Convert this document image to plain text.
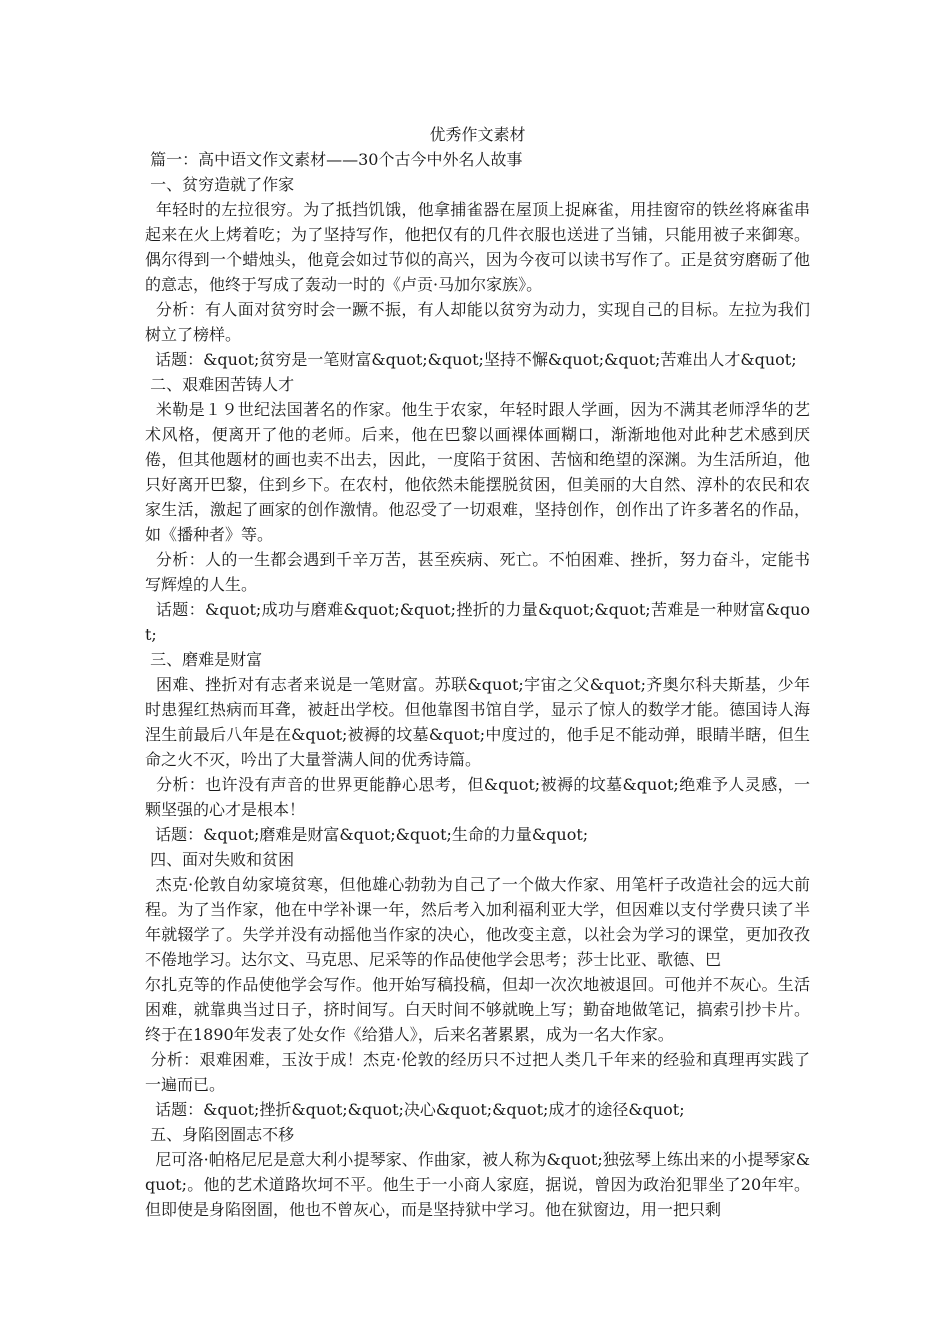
优秀作文素材

篇一：高中语文作文素材——30个古今中外名人故事

一、贫穷造就了作家

年轻时的左拉很穷。为了抵挡饥饿，他拿捕雀器在屋顶上捉麻雀，用挂窗帘的铁丝将麻雀串起来在火上烤着吃；为了坚持写作，他把仅有的几件衣服也送进了当铺，只能用被子来御寒。偶尔得到一个蜡烛头，他竟会如过节似的高兴，因为今夜可以读书写作了。正是贫穷磨砺了他的意志，他终于写成了轰动一时的《卢贡·马加尔家族》。

分析：有人面对贫穷时会一蹶不振，有人却能以贫穷为动力，实现自己的目标。左拉为我们树立了榜样。

话题：&quot;贫穷是一笔财富&quot;&quot;坚持不懈&quot;&quot;苦难出人才&quot;

二、艰难困苦铸人才

米勒是１９世纪法国著名的作家。他生于农家，年轻时跟人学画，因为不满其老师浮华的艺术风格，便离开了他的老师。后来，他在巴黎以画裸体画糊口，渐渐地他对此种艺术感到厌倦，但其他题材的画也卖不出去，因此，一度陷于贫困、苦恼和绝望的深渊。为生活所迫，他只好离开巴黎，住到乡下。在农村，他依然未能摆脱贫困，但美丽的大自然、淳朴的农民和农家生活，激起了画家的创作激情。他忍受了一切艰难，坚持创作，创作出了许多著名的作品，如《播种者》等。

分析：人的一生都会遇到千辛万苦，甚至疾病、死亡。不怕困难、挫折，努力奋斗，定能书写辉煌的人生。

话题：&quot;成功与磨难&quot;&quot;挫折的力量&quot;&quot;苦难是一种财富&quot;

三、磨难是财富

困难、挫折对有志者来说是一笔财富。苏联&quot;宇宙之父&quot;齐奥尔科夫斯基，少年时患猩红热病而耳聋，被赶出学校。但他靠图书馆自学，显示了惊人的数学才能。德国诗人海涅生前最后八年是在&quot;被褥的坟墓&quot;中度过的，他手足不能动弹，眼睛半瞎，但生命之火不灭，吟出了大量誉满人间的优秀诗篇。

分析：也许没有声音的世界更能静心思考，但&quot;被褥的坟墓&quot;绝难予人灵感，一颗坚强的心才是根本！

话题：&quot;磨难是财富&quot;&quot;生命的力量&quot;

四、面对失败和贫困

杰克·伦敦自幼家境贫寒，但他雄心勃勃为自己了一个做大作家、用笔杆子改造社会的远大前程。为了当作家，他在中学补课一年，然后考入加利福利亚大学，但因难以支付学费只读了半年就辍学了。失学并没有动摇他当作家的决心，他改变主意，以社会为学习的课堂，更加孜孜不倦地学习。达尔文、马克思、尼采等的作品使他学会思考；莎士比亚、歌德、巴

尔扎克等的作品使他学会写作。他开始写稿投稿，但却一次次地被退回。可他并不灰心。生活困难，就靠典当过日子，挤时间写。白天时间不够就晚上写；勤奋地做笔记，搞索引抄卡片。终于在1890年发表了处女作《给猎人》，后来名著累累，成为一名大作家。

分析：艰难困难，玉汝于成！杰克·伦敦的经历只不过把人类几千年来的经验和真理再实践了一遍而已。

话题：&quot;挫折&quot;&quot;决心&quot;&quot;成才的途径&quot;

五、身陷囹圄志不移

尼可洛·帕格尼尼是意大利小提琴家、作曲家，被人称为&quot;独弦琴上练出来的小提琴家&quot;。他的艺术道路坎坷不平。他生于一小商人家庭，据说，曾因为政治犯罪坐了20年牢。但即使是身陷囹圄，他也不曾灰心，而是坚持狱中学习。他在狱窗边，用一把只剩
